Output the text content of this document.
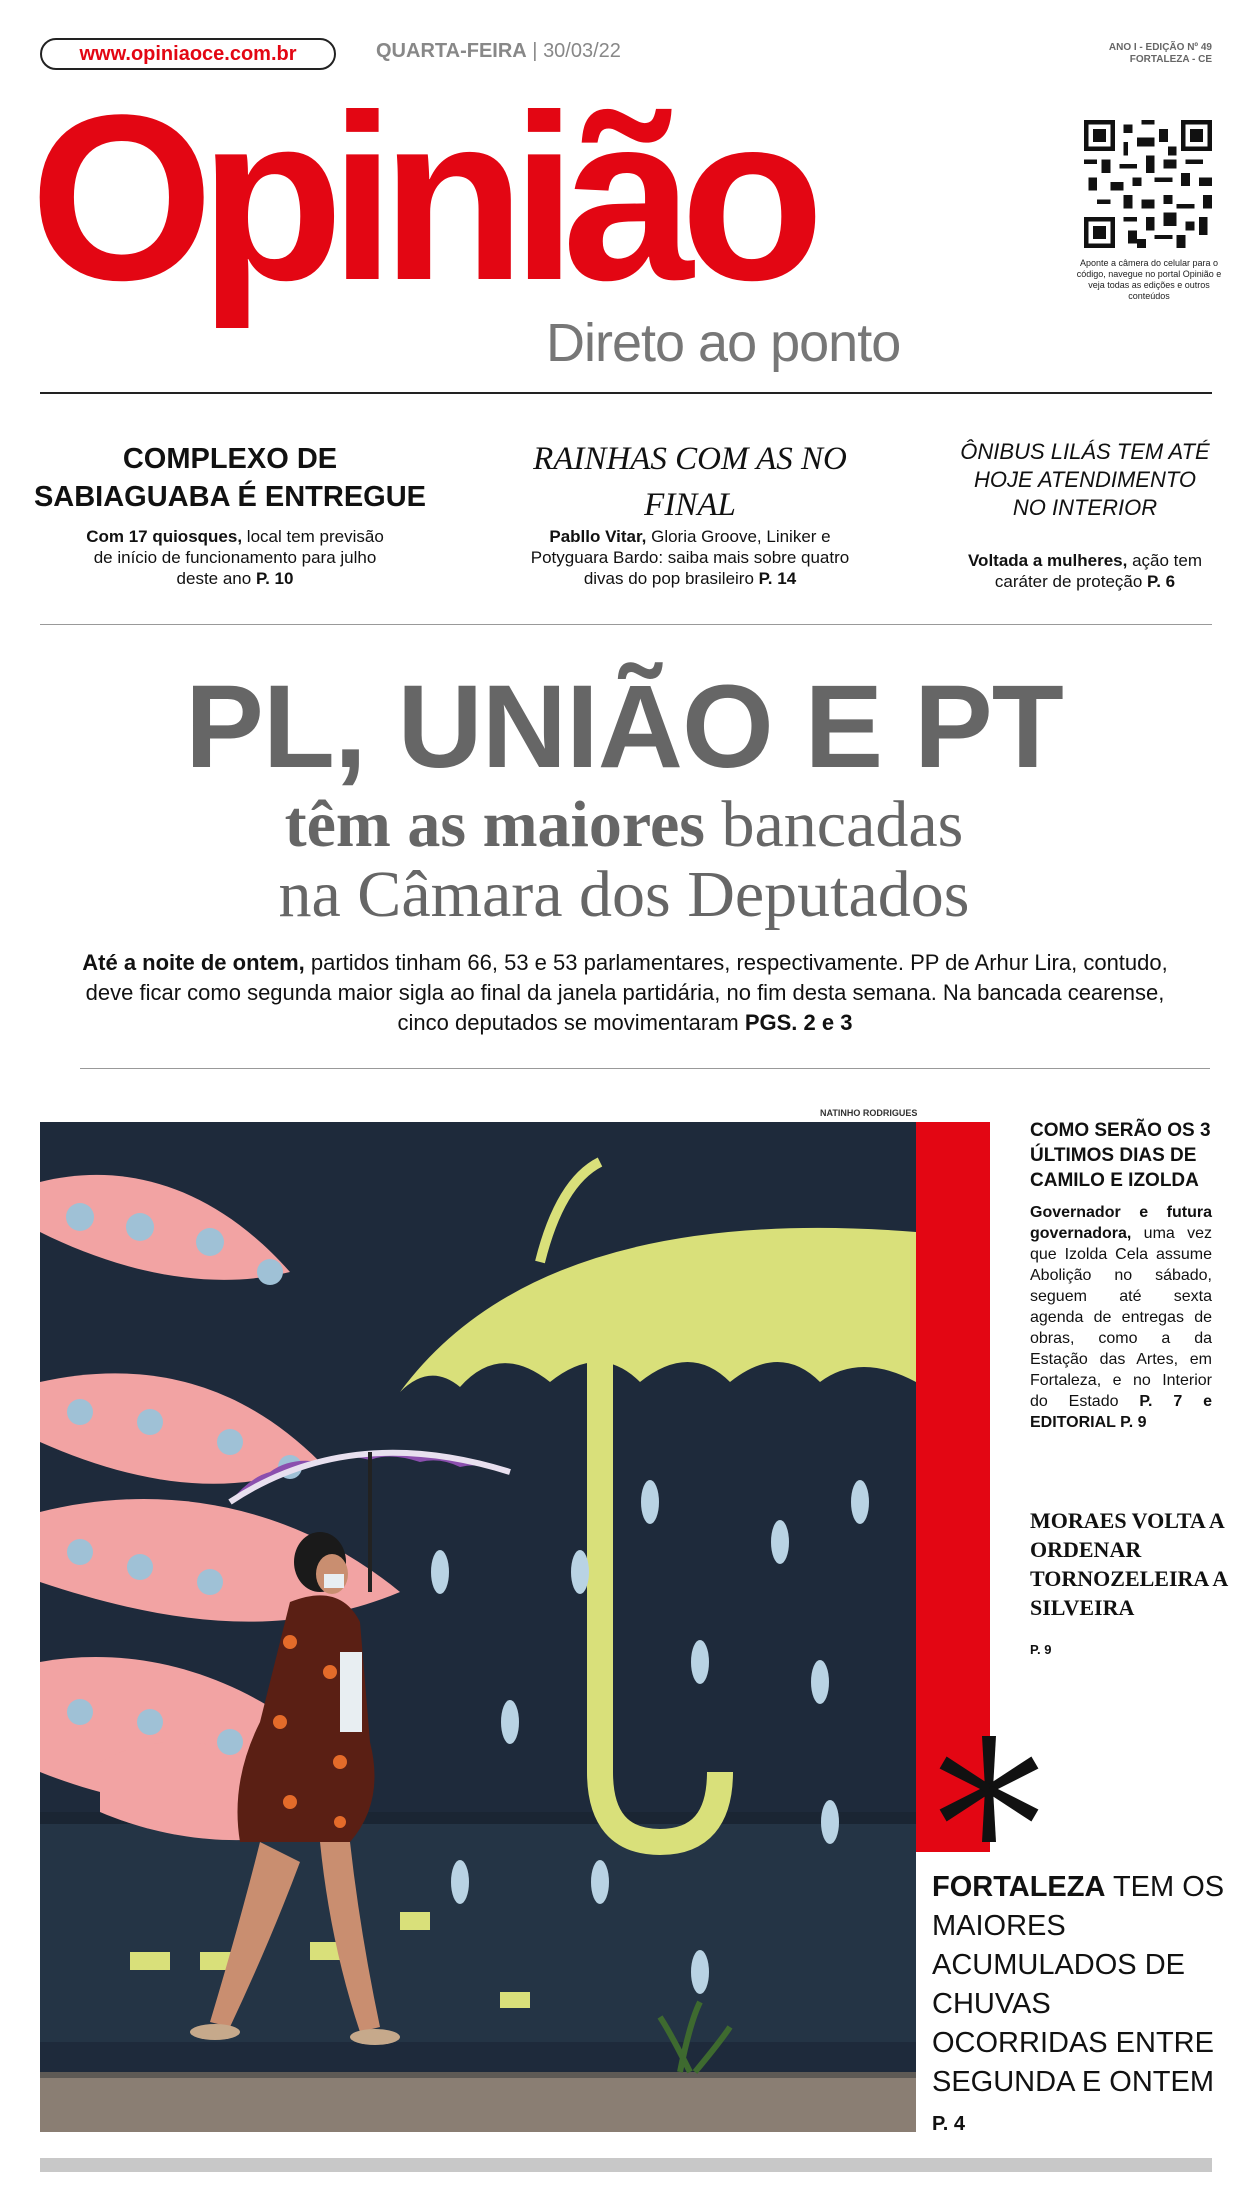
www.opiniaoce.com.br	QUARTA-FEIRA | 30/03/22	ANO I - EDIÇÃO Nº 49
FORTALEZA - CE
Opinião
Direto ao ponto
Aponte a câmera do celular para o código, navegue no portal Opinião e veja todas as edições e outros conteúdos
COMPLEXO DE SABIAGUABA É ENTREGUE
Com 17 quiosques, local tem previsão de início de funcionamento para julho deste ano P. 10
RAINHAS COM AS NO FINAL
Pabllo Vitar, Gloria Groove, Liniker e Potyguara Bardo: saiba mais sobre quatro divas do pop brasileiro P. 14
ÔNIBUS LILÁS TEM ATÉ HOJE ATENDIMENTO NO INTERIOR
Voltada a mulheres, ação tem caráter de proteção P. 6
PL, UNIÃO E PT
têm as maiores bancadas
na Câmara dos Deputados
Até a noite de ontem, partidos tinham 66, 53 e 53 parlamentares, respectivamente. PP de Arhur Lira, contudo, deve ficar como segunda maior sigla ao final da janela partidária, no fim desta semana. Na bancada cearense, cinco deputados se movimentaram PGS. 2 e 3
NATINHO RODRIGUES
COMO SERÃO OS 3 ÚLTIMOS DIAS DE CAMILO E IZOLDA
Governador e futura governadora, uma vez que Izolda Cela assume Abolição no sábado, seguem até sexta agenda de entregas de obras, como a da Estação das Artes, em Fortaleza, e no Interior do Estado P. 7 e EDITORIAL P. 9
MORAES VOLTA A ORDENAR TORNOZELEIRA A SILVEIRA
P. 9
FORTALEZA TEM OS MAIORES ACUMULADOS DE CHUVAS OCORRIDAS ENTRE SEGUNDA E ONTEM P. 4
